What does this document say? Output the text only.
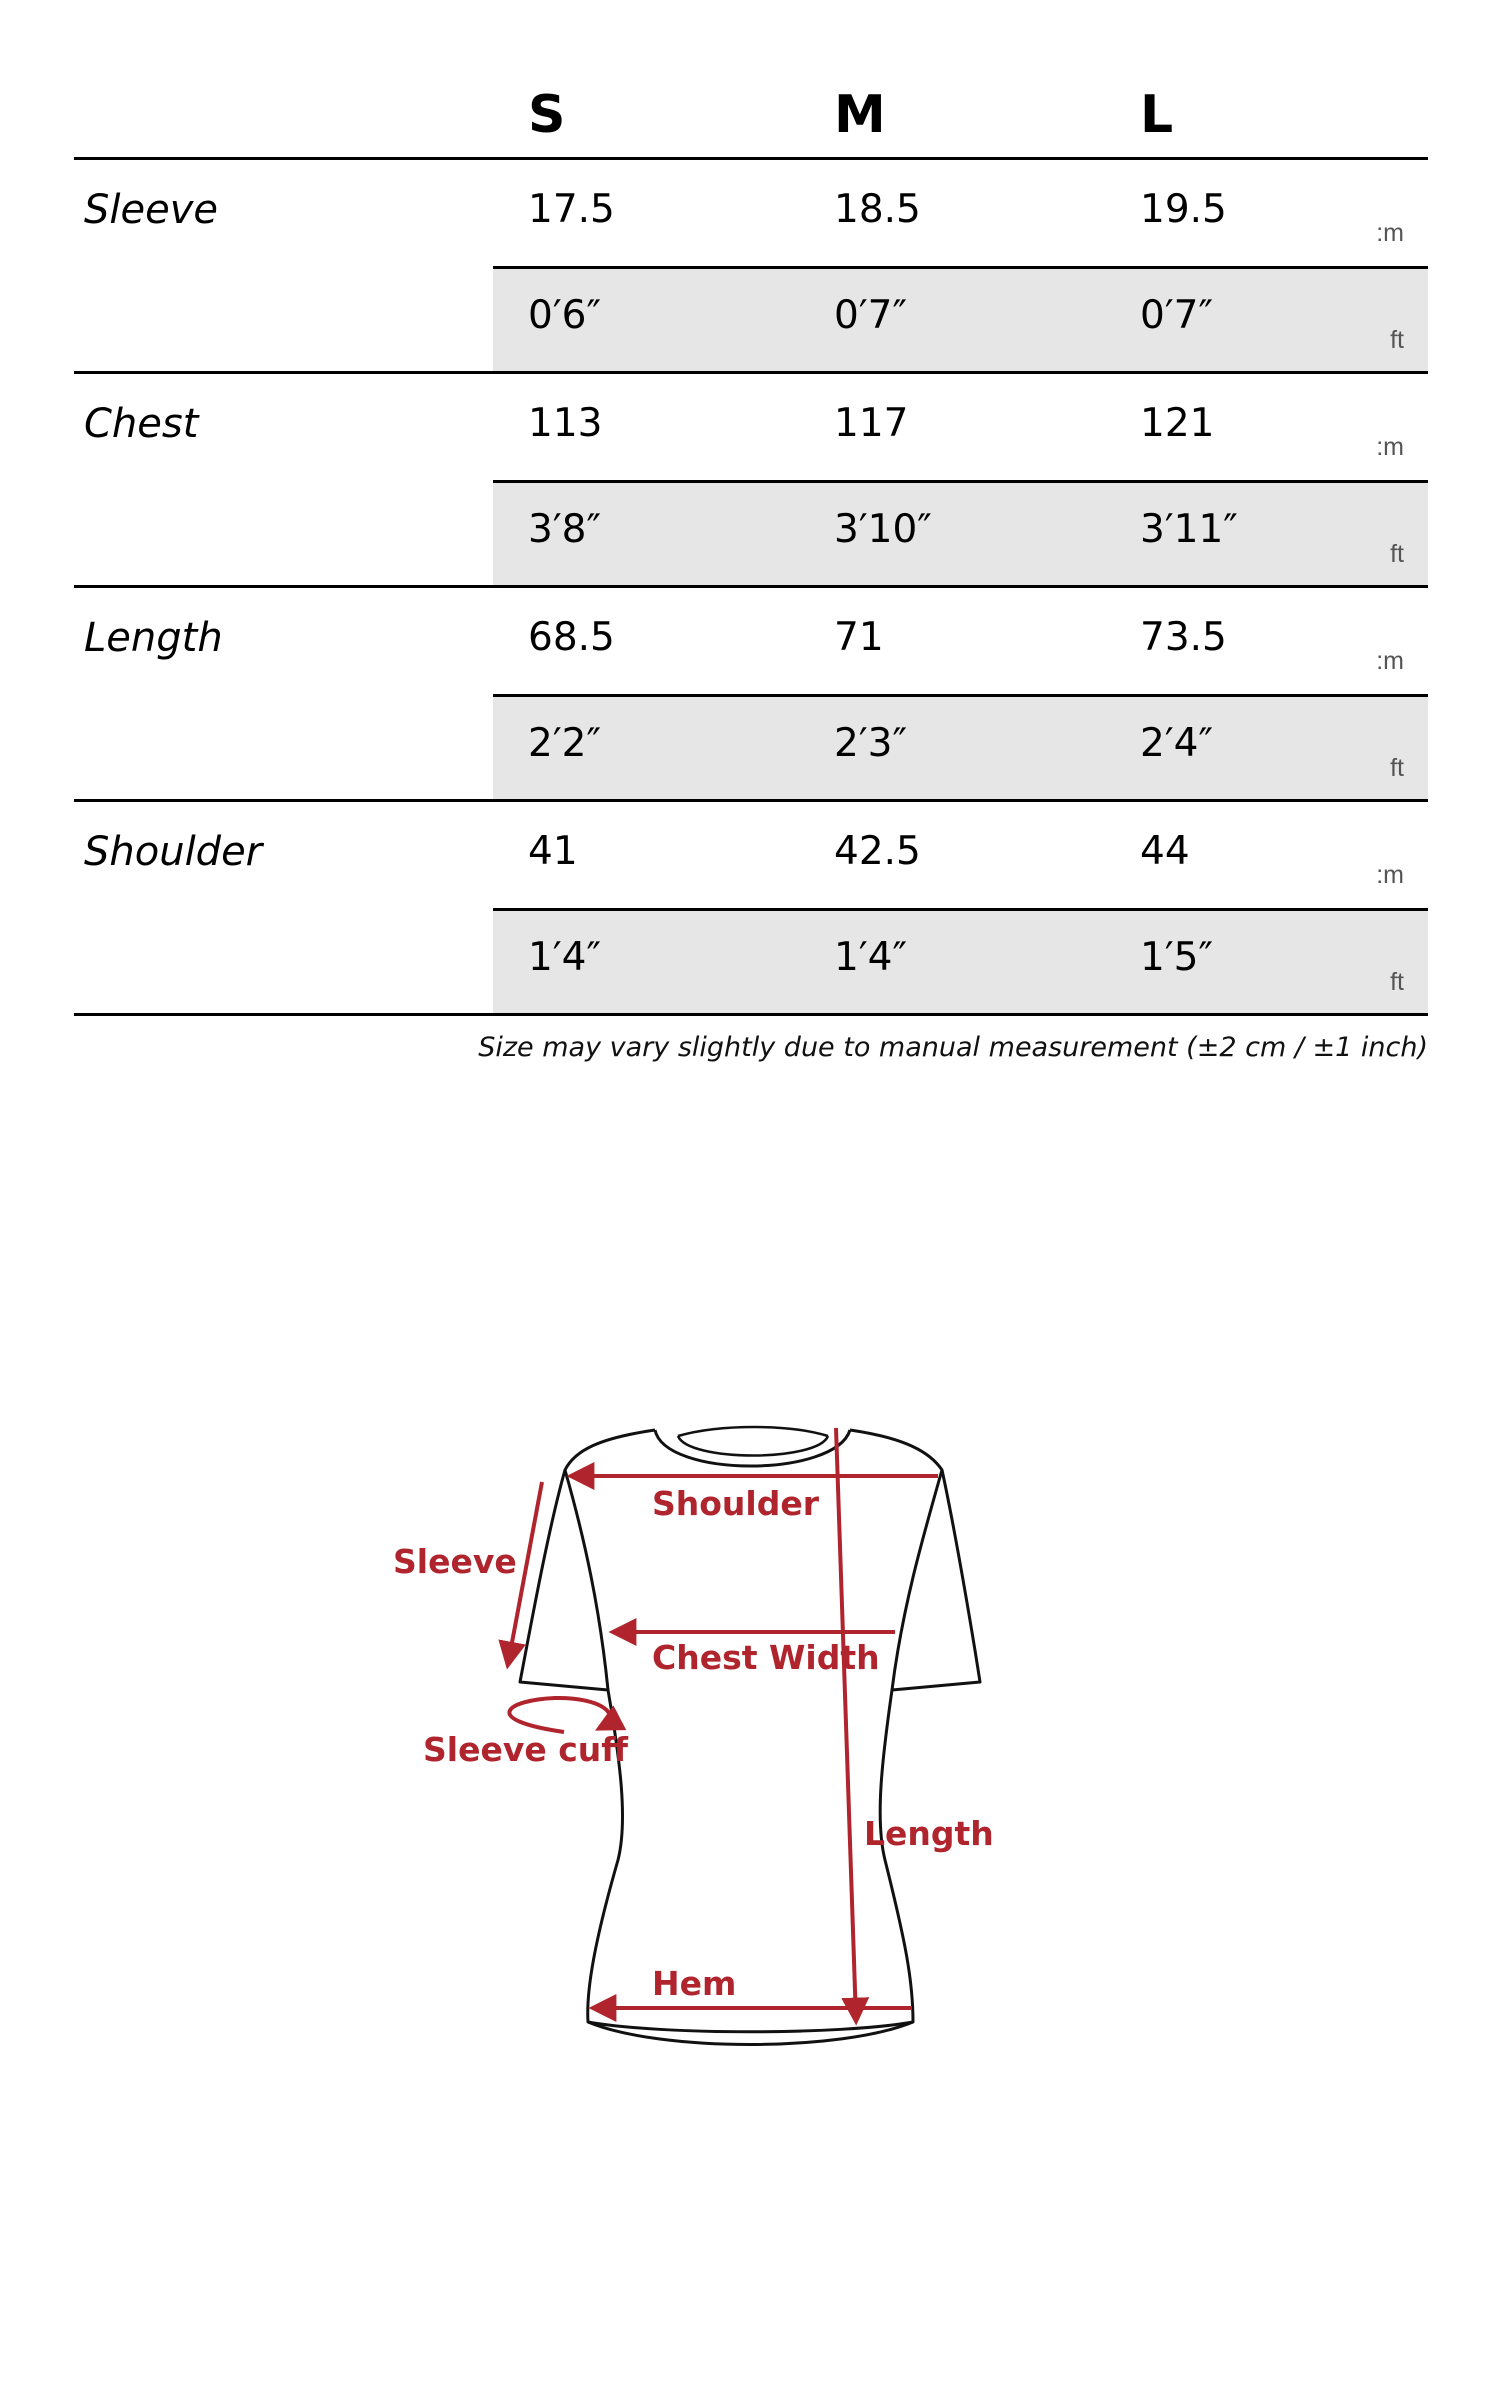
S	M	L
Sleeve	17.5	18.5	19.5
:m
0′6″	0′7″	0′7″
ft
Chest	113	117	121
:m
3′8″	3′10″	3′11″
ft
Length	68.5	71	73.5
:m
2′2″	2′3″	2′4″
ft
Shoulder	41	42.5	44
:m
1′4″	1′4″	1′5″
ft
Size may vary slightly due to manual measurement (±2 cm / ±1 inch)
Shoulder
Sleeve
Chest Width
Sleeve cuff
Length
Hem
